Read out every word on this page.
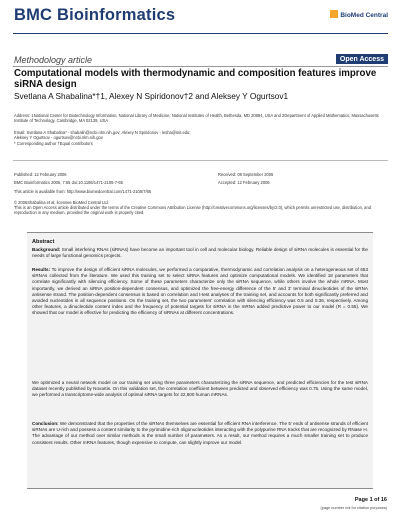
BMC Bioinformatics	BioMed Central
Methodology article	Open Access
Computational models with thermodynamic and composition features improve siRNA design
Svetlana A Shabalina*†1, Alexey N Spiridonov†2 and Aleksey Y Ogurtsov1
Address: 1National Center for Biotechnology Information, National Library of Medicine, National Institutes of Health, Bethesda, MD 20894, USA and 2Department of Applied Mathematics, Massachusetts Institute of Technology, Cambridge, MA 02139, USA
Email: Svetlana A Shabalina* - shabalin@ncbi.nlm.nih.gov; Alexey N Spiridonov - lesha@mit.edu;
Aleksey Y Ogurtsov - ogurtsov@ncbi.nlm.nih.gov
* Corresponding author †Equal contributors
Published: 12 February 2006	Received: 08 September 2005
BMC Bioinformatics 2006, 7:65 doi:10.1186/1471-2105-7-65	Accepted: 12 February 2006
This article is available from: http://www.biomedcentral.com/1471-2105/7/65
© 2006Shabalina et al; licensee BioMed Central Ltd.
This is an Open Access article distributed under the terms of the Creative Commons Attribution License (http://creativecommons.org/licenses/by/2.0), which permits unrestricted use, distribution, and reproduction in any medium, provided the original work is properly cited.
Abstract
Background: Small interfering RNAs (siRNAs) have become an important tool in cell and molecular biology. Reliable design of siRNA molecules is essential for the needs of large functional genomics projects.
Results: To improve the design of efficient siRNA molecules, we performed a comparative, thermodynamic and correlation analysis on a heterogeneous set of 653 siRNAs collected from the literature. We used this training set to select siRNA features and optimize computational models. We identified 18 parameters that correlate significantly with silencing efficiency. Some of these parameters characterize only the siRNA sequence, while others involve the whole mRNA. Most importantly, we derived an siRNA position-dependent consensus, and optimized the free-energy difference of the 5' and 3' terminal dinucleotides of the siRNA antisense strand. The position-dependent consensus is based on correlation and t-test analyses of the training set, and accounts for both significantly preferred and avoided nucleotides in all sequence positions. On the training set, the two parameters' correlation with silencing efficiency was 0.5 and 0.36, respectively. Among other features, a dinucleotide content index and the frequency of potential targets for siRNA in the mRNA added predictive power to our model (R = 0.55). We showed that our model is effective for predicting the efficiency of siRNAs at different concentrations.
We optimized a neural network model on our training set using three parameters characterizing the siRNA sequence, and predicted efficiencies for the test siRNA dataset recently published by Novartis. On this validation set, the correlation coefficient between predicted and observed efficiency was 0.75. Using the same model, we performed a transcriptome-wide analysis of optimal siRNA targets for 22,600 human mRNAs.
Conclusion: We demonstrated that the properties of the siRNAs themselves are essential for efficient RNA interference. The 5' ends of antisense strands of efficient siRNAs are U-rich and possess a content similarity to the pyrimidine-rich oligonucleotides interacting with the polypurine RNA tracks that are recognized by RNase H. The advantage of our method over similar methods is the small number of parameters. As a result, our method requires a much smaller training set to produce consistent results. Other mRNA features, though expensive to compute, can slightly improve our model.
Page 1 of 16
(page number not for citation purposes)
